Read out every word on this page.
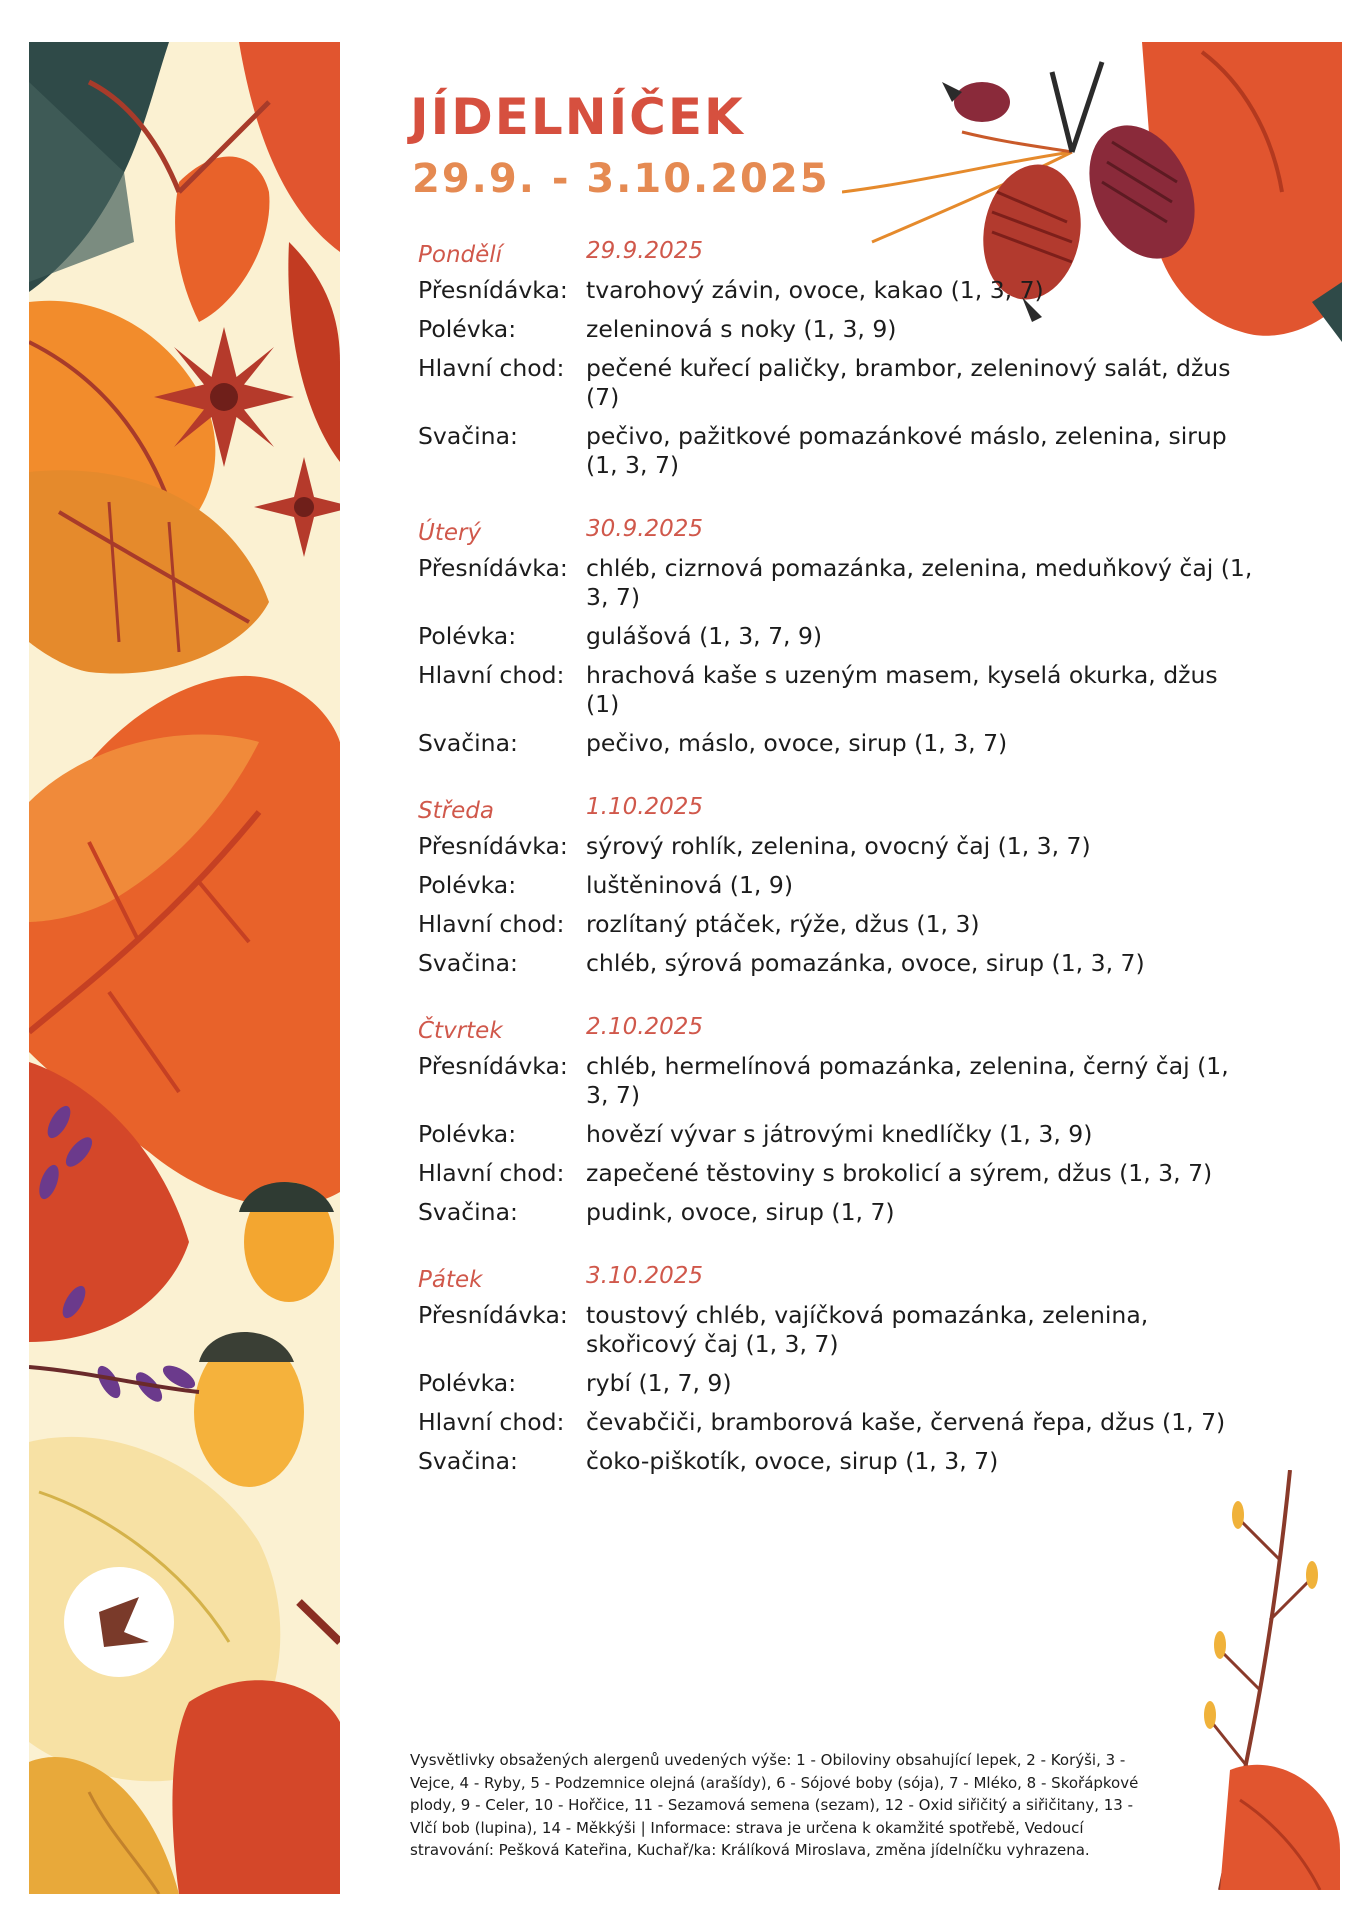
JÍDELNÍČEK
29.9. - 3.10.2025
Pondělí	29.9.2025
Přesnídávka: tvarohový závin, ovoce, kakao (1, 3, 7)
Polévka:	zeleninová s noky (1, 3, 9)
Hlavní chod: pečené kuřecí paličky, brambor, zeleninový salát, džus (7)
Svačina:	pečivo, pažitkové pomazánkové máslo, zelenina, sirup (1, 3, 7)
Úterý	30.9.2025
Přesnídávka: chléb, cizrnová pomazánka, zelenina, meduňkový čaj (1, 3, 7)
Polévka:	gulášová (1, 3, 7, 9)
Hlavní chod: hrachová kaše s uzeným masem, kyselá okurka, džus (1)
Svačina:	pečivo, máslo, ovoce, sirup (1, 3, 7)
Středa	1.10.2025
Přesnídávka: sýrový rohlík, zelenina, ovocný čaj (1, 3, 7)
Polévka:	luštěninová (1, 9)
Hlavní chod: rozlítaný ptáček, rýže, džus (1, 3)
Svačina:	chléb, sýrová pomazánka, ovoce, sirup (1, 3, 7)
Čtvrtek	2.10.2025
Přesnídávka: chléb, hermelínová pomazánka, zelenina, černý čaj (1, 3, 7)
Polévka:	hovězí vývar s játrovými knedlíčky (1, 3, 9)
Hlavní chod: zapečené těstoviny s brokolicí a sýrem, džus (1, 3, 7)
Svačina:	pudink, ovoce, sirup (1, 7)
Pátek	3.10.2025
Přesnídávka: toustový chléb, vajíčková pomazánka, zelenina, skořicový čaj (1, 3, 7)
Polévka:	rybí (1, 7, 9)
Hlavní chod: čevabčiči, bramborová kaše, červená řepa, džus (1, 7)
Svačina:	čoko-piškotík, ovoce, sirup (1, 3, 7)

Vysvětlivky obsažených alergenů uvedených výše: 1 - Obiloviny obsahující lepek, 2 - Korýši, 3 - Vejce, 4 - Ryby, 5 - Podzemnice olejná (arašídy), 6 - Sójové boby (sója), 7 - Mléko, 8 - Skořápkové plody, 9 - Celer, 10 - Hořčice, 11 - Sezamová semena (sezam), 12 - Oxid siřičitý a siřičitany, 13 - Vlčí bob (lupina), 14 - Měkkýši | Informace: strava je určena k okamžité spotřebě, Vedoucí stravování: Pešková Kateřina, Kuchař/ka: Králíková Miroslava, změna jídelníčku vyhrazena.
